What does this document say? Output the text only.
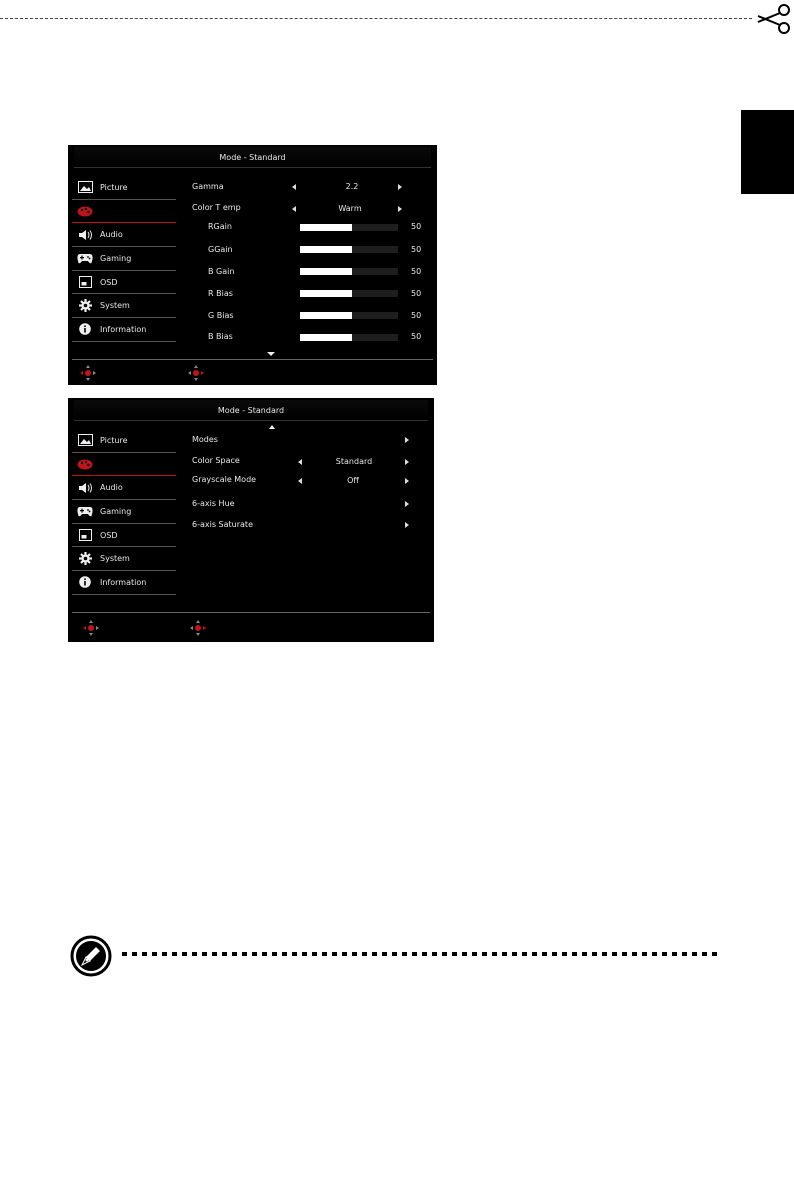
Mode - Standard
Picture
Audio
Gaming
OSD
System
Information
Gamma	2.2
Color T emp	Warm
RGain	50
GGain	50
B Gain	50
R Bias	50
G Bias	50
B Bias	50
Mode - Standard
Picture
Audio
Gaming
OSD
System
Information
Modes
Color Space	Standard
Grayscale Mode	Off
6-axis Hue
6-axis Saturate
